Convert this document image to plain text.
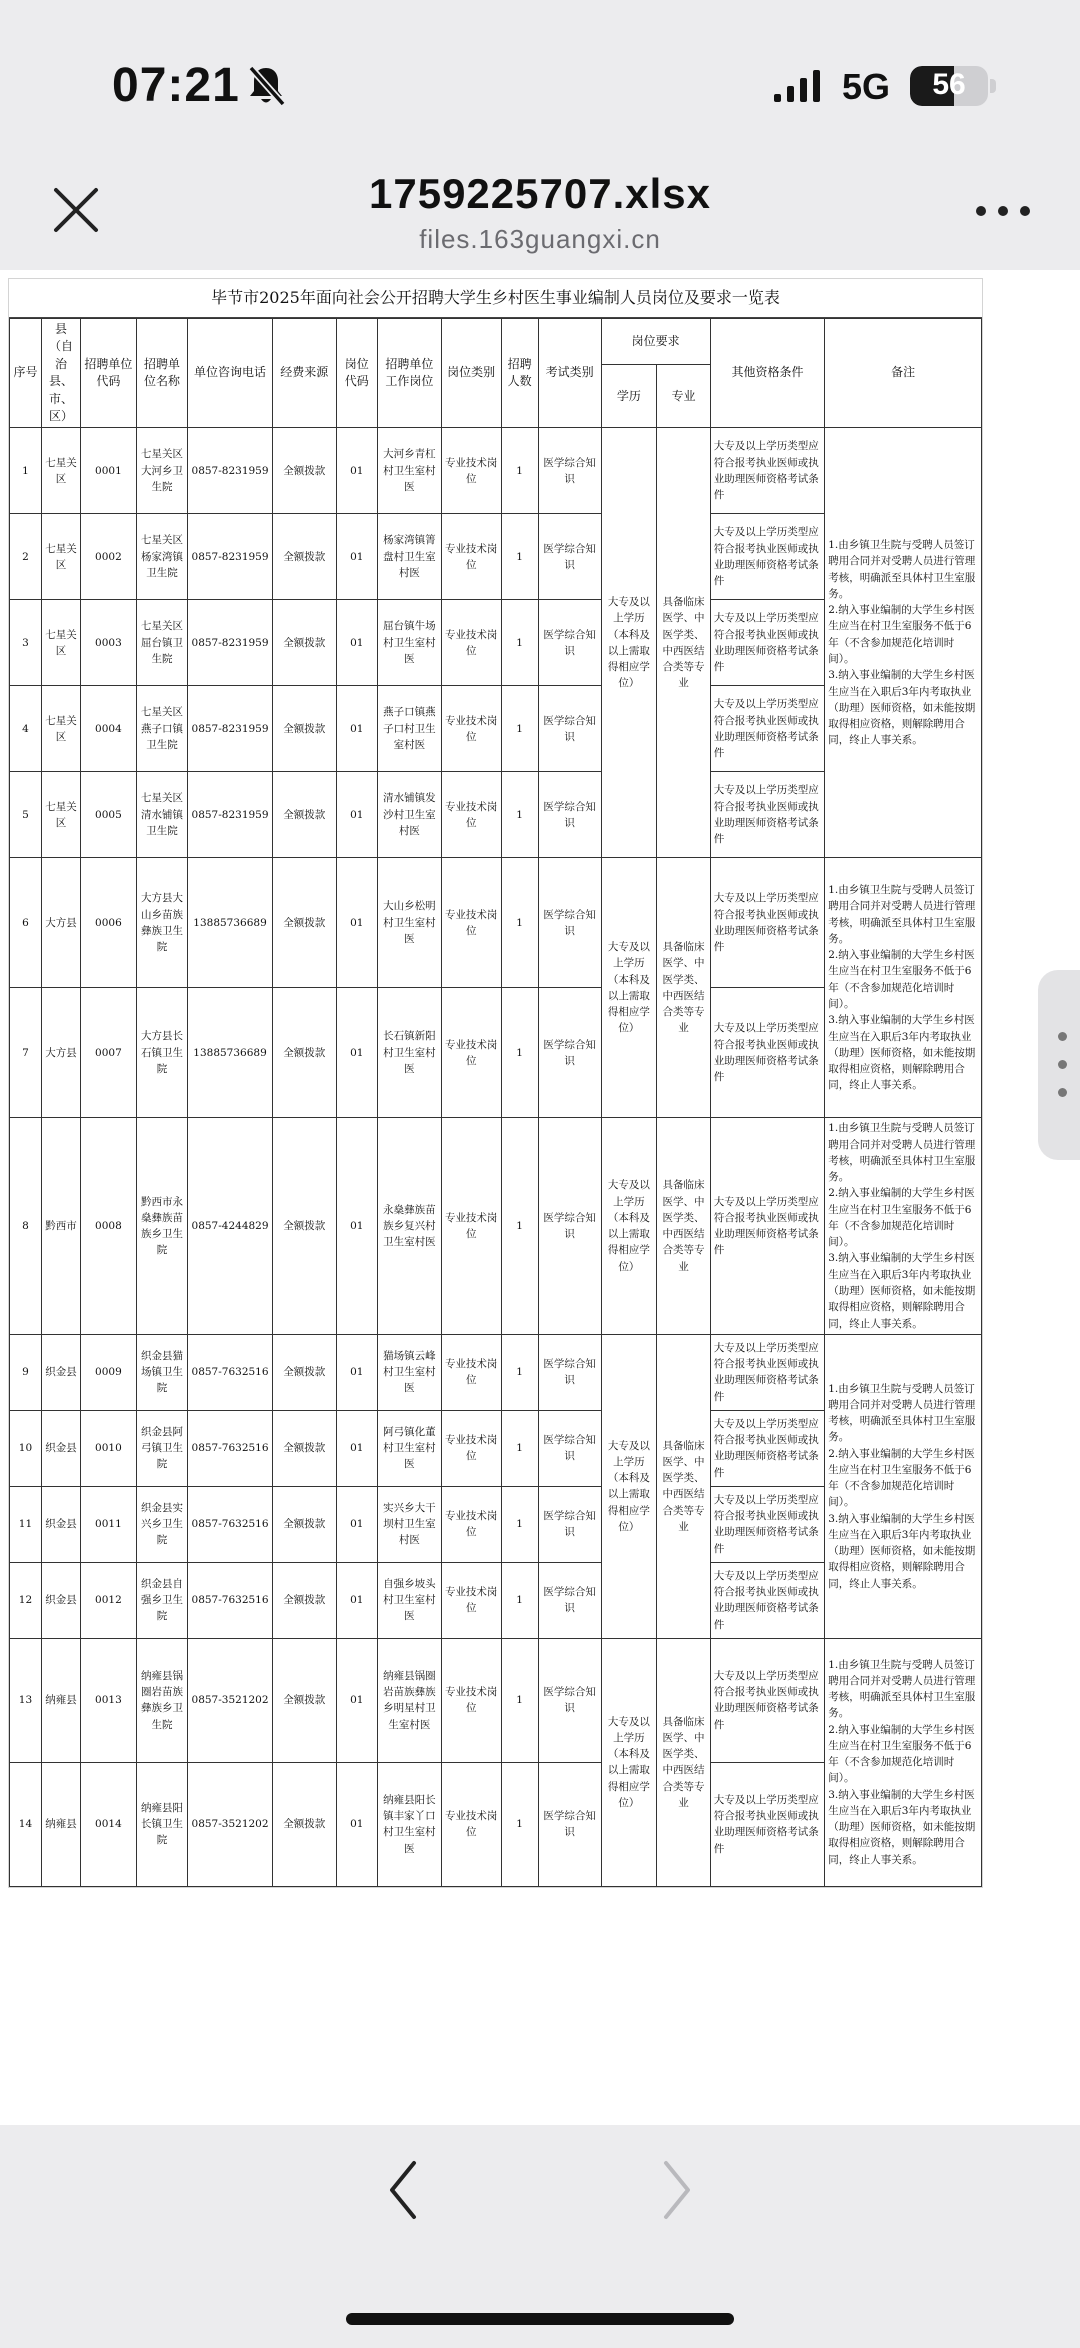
07:21	5G	56
1759225707.xlsx
files.163guangxi.cn
毕节市2025年面向社会公开招聘大学生乡村医生事业编制人员岗位及要求一览表
序号	县（自治县、市、区）	招聘单位代码	招聘单位名称	单位咨询电话	经费来源	岗位代码	招聘单位工作岗位	岗位类别	招聘人数	考试类别	岗位要求		其他资格条件	备注
											学历	专业		
1	七星关区	0001	七星关区大河乡卫生院	0857-8231959	全额拨款	01	大河乡青杠村卫生室村医	专业技术岗位	1	医学综合知识	大专及以上学历（本科及以上需取得相应学位）	具备临床医学、中医学类、中西医结合类等专业	大专及以上学历类型应符合报考执业医师或执业助理医师资格考试条件	1.由乡镇卫生院与受聘人员签订聘用合同并对受聘人员进行管理考核，明确派至具体村卫生室服务。
2.纳入事业编制的大学生乡村医生应当在村卫生室服务不低于6年（不含参加规范化培训时间）。
3.纳入事业编制的大学生乡村医生应当在入职后3年内考取执业（助理）医师资格，如未能按期取得相应资格，则解除聘用合同，终止人事关系。
2	七星关区	0002	七星关区杨家湾镇卫生院	0857-8231959	全额拨款	01	杨家湾镇箐盘村卫生室村医	专业技术岗位	1	医学综合知识			大专及以上学历类型应符合报考执业医师或执业助理医师资格考试条件	
3	七星关区	0003	七星关区屈台镇卫生院	0857-8231959	全额拨款	01	屈台镇牛场村卫生室村医	专业技术岗位	1	医学综合知识			大专及以上学历类型应符合报考执业医师或执业助理医师资格考试条件	
4	七星关区	0004	七星关区燕子口镇卫生院	0857-8231959	全额拨款	01	燕子口镇燕子口村卫生室村医	专业技术岗位	1	医学综合知识			大专及以上学历类型应符合报考执业医师或执业助理医师资格考试条件	
5	七星关区	0005	七星关区清水铺镇卫生院	0857-8231959	全额拨款	01	清水铺镇发沙村卫生室村医	专业技术岗位	1	医学综合知识			大专及以上学历类型应符合报考执业医师或执业助理医师资格考试条件	
6	大方县	0006	大方县大山乡苗族彝族卫生院	13885736689	全额拨款	01	大山乡松明村卫生室村医	专业技术岗位	1	医学综合知识	大专及以上学历（本科及以上需取得相应学位）	具备临床医学、中医学类、中西医结合类等专业	大专及以上学历类型应符合报考执业医师或执业助理医师资格考试条件	1.由乡镇卫生院与受聘人员签订聘用合同并对受聘人员进行管理考核，明确派至具体村卫生室服务。
2.纳入事业编制的大学生乡村医生应当在村卫生室服务不低于6年（不含参加规范化培训时间）。
3.纳入事业编制的大学生乡村医生应当在入职后3年内考取执业（助理）医师资格，如未能按期取得相应资格，则解除聘用合同，终止人事关系。
7	大方县	0007	大方县长石镇卫生院	13885736689	全额拨款	01	长石镇新阳村卫生室村医	专业技术岗位	1	医学综合知识			大专及以上学历类型应符合报考执业医师或执业助理医师资格考试条件	
8	黔西市	0008	黔西市永燊彝族苗族乡卫生院	0857-4244829	全额拨款	01	永燊彝族苗族乡复兴村卫生室村医	专业技术岗位	1	医学综合知识	大专及以上学历（本科及以上需取得相应学位）	具备临床医学、中医学类、中西医结合类等专业	大专及以上学历类型应符合报考执业医师或执业助理医师资格考试条件	1.由乡镇卫生院与受聘人员签订聘用合同并对受聘人员进行管理考核，明确派至具体村卫生室服务。
2.纳入事业编制的大学生乡村医生应当在村卫生室服务不低于6年（不含参加规范化培训时间）。
3.纳入事业编制的大学生乡村医生应当在入职后3年内考取执业（助理）医师资格，如未能按期取得相应资格，则解除聘用合同，终止人事关系。
9	织金县	0009	织金县猫场镇卫生院	0857-7632516	全额拨款	01	猫场镇云峰村卫生室村医	专业技术岗位	1	医学综合知识	大专及以上学历（本科及以上需取得相应学位）	具备临床医学、中医学类、中西医结合类等专业	大专及以上学历类型应符合报考执业医师或执业助理医师资格考试条件	1.由乡镇卫生院与受聘人员签订聘用合同并对受聘人员进行管理考核，明确派至具体村卫生室服务。
2.纳入事业编制的大学生乡村医生应当在村卫生室服务不低于6年（不含参加规范化培训时间）。
3.纳入事业编制的大学生乡村医生应当在入职后3年内考取执业（助理）医师资格，如未能按期取得相应资格，则解除聘用合同，终止人事关系。
10	织金县	0010	织金县阿弓镇卫生院	0857-7632516	全额拨款	01	阿弓镇化董村卫生室村医	专业技术岗位	1	医学综合知识			大专及以上学历类型应符合报考执业医师或执业助理医师资格考试条件	
11	织金县	0011	织金县实兴乡卫生院	0857-7632516	全额拨款	01	实兴乡大干坝村卫生室村医	专业技术岗位	1	医学综合知识			大专及以上学历类型应符合报考执业医师或执业助理医师资格考试条件	
12	织金县	0012	织金县自强乡卫生院	0857-7632516	全额拨款	01	自强乡坡头村卫生室村医	专业技术岗位	1	医学综合知识			大专及以上学历类型应符合报考执业医师或执业助理医师资格考试条件	
13	纳雍县	0013	纳雍县锅圈岩苗族彝族乡卫生院	0857-3521202	全额拨款	01	纳雍县锅圈岩苗族彝族乡明星村卫生室村医	专业技术岗位	1	医学综合知识	大专及以上学历（本科及以上需取得相应学位）	具备临床医学、中医学类、中西医结合类等专业	大专及以上学历类型应符合报考执业医师或执业助理医师资格考试条件	1.由乡镇卫生院与受聘人员签订聘用合同并对受聘人员进行管理考核，明确派至具体村卫生室服务。
2.纳入事业编制的大学生乡村医生应当在村卫生室服务不低于6年（不含参加规范化培训时间）。
3.纳入事业编制的大学生乡村医生应当在入职后3年内考取执业（助理）医师资格，如未能按期取得相应资格，则解除聘用合同，终止人事关系。
14	纳雍县	0014	纳雍县阳长镇卫生院	0857-3521202	全额拨款	01	纳雍县阳长镇丰家丫口村卫生室村医	专业技术岗位	1	医学综合知识			大专及以上学历类型应符合报考执业医师或执业助理医师资格考试条件	
